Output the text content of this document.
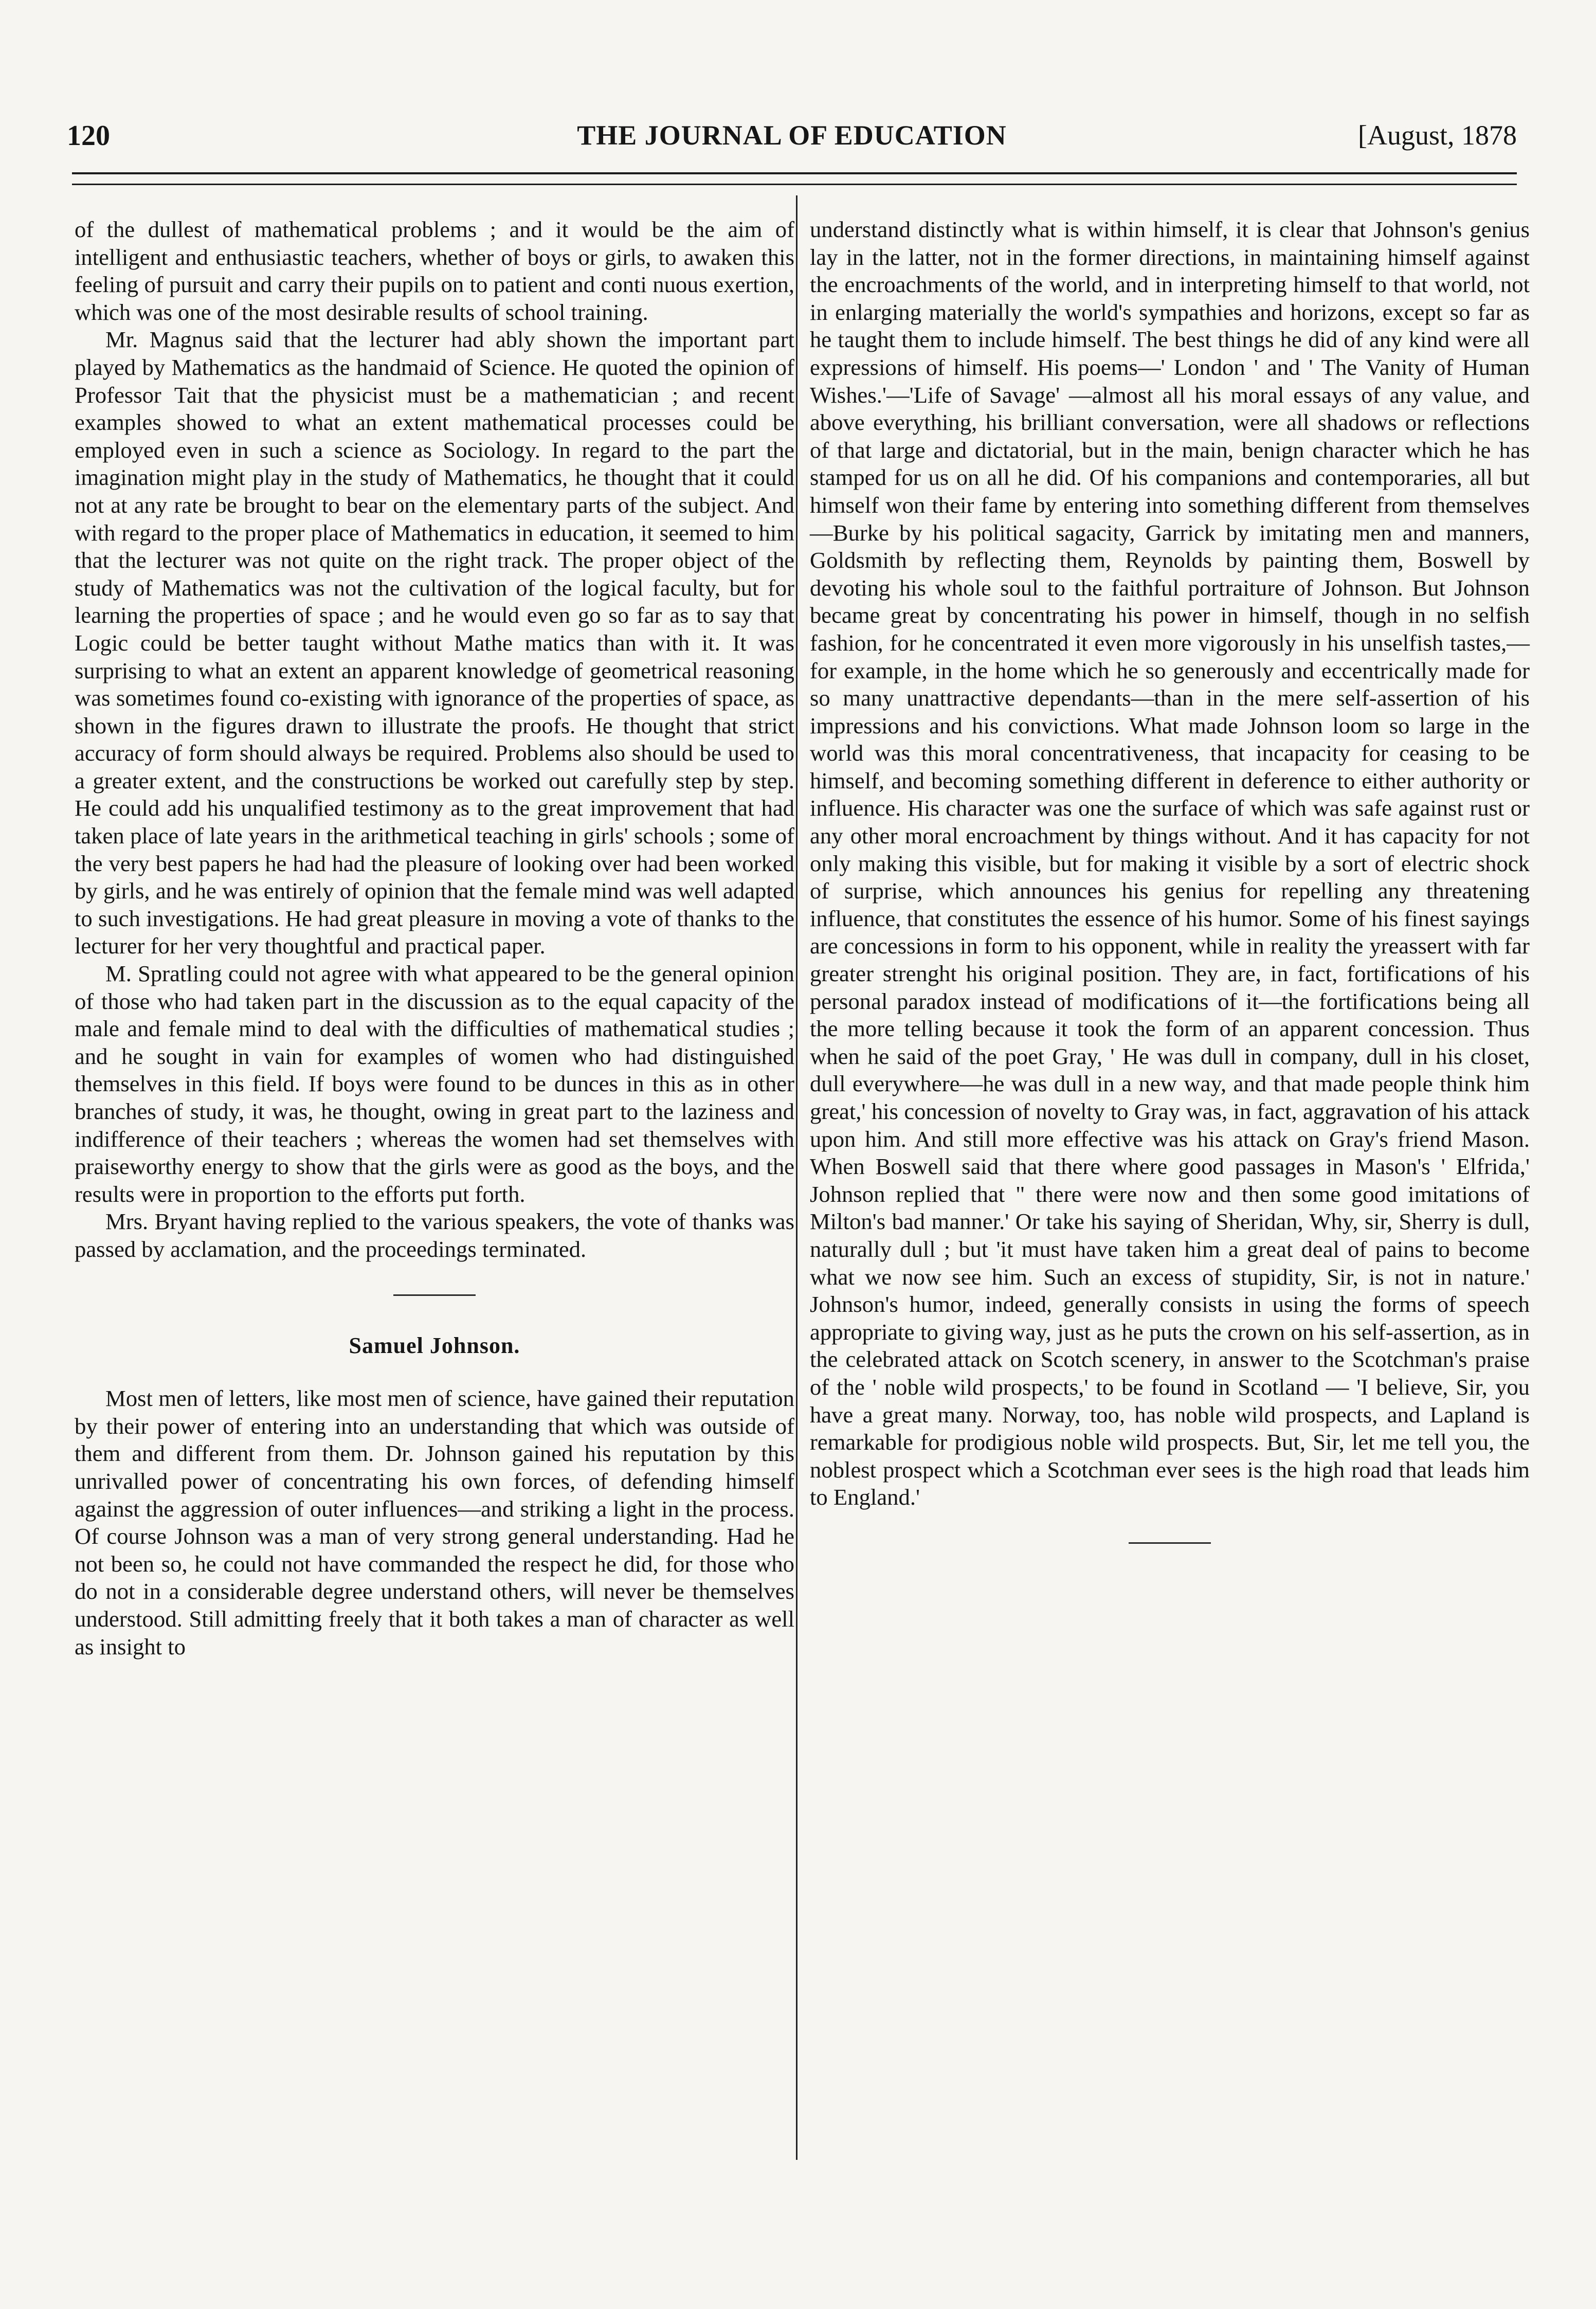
120	THE JOURNAL OF EDUCATION	[August, 1878

of the dullest of mathematical problems ; and it would be the aim of intelligent and enthusiastic teachers, whether of boys or girls, to awaken this feeling of pursuit and carry their pupils on to patient and conti nuous exertion, which was one of the most desirable results of school training.

Mr. Magnus said that the lecturer had ably shown the important part played by Mathematics as the handmaid of Science. He quoted the opinion of Professor Tait that the physicist must be a mathematician ; and recent examples showed to what an extent mathematical processes could be employed even in such a science as Sociology. In regard to the part the imagination might play in the study of Mathematics, he thought that it could not at any rate be brought to bear on the elementary parts of the subject. And with regard to the proper place of Mathematics in education, it seemed to him that the lecturer was not quite on the right track. The proper object of the study of Mathematics was not the cultivation of the logical faculty, but for learning the properties of space ; and he would even go so far as to say that Logic could be better taught without Mathe matics than with it. It was surprising to what an extent an apparent knowledge of geometrical reasoning was sometimes found co-existing with ignorance of the properties of space, as shown in the figures drawn to illustrate the proofs. He thought that strict accuracy of form should always be required. Problems also should be used to a greater extent, and the constructions be worked out carefully step by step. He could add his unqualified testimony as to the great improvement that had taken place of late years in the arithmetical teaching in girls' schools ; some of the very best papers he had had the pleasure of looking over had been worked by girls, and he was entirely of opinion that the female mind was well adapted to such investigations. He had great pleasure in moving a vote of thanks to the lecturer for her very thoughtful and practical paper.

M. Spratling could not agree with what appeared to be the general opinion of those who had taken part in the discussion as to the equal capacity of the male and female mind to deal with the difficulties of mathematical studies ; and he sought in vain for examples of women who had distinguished themselves in this field. If boys were found to be dunces in this as in other branches of study, it was, he thought, owing in great part to the laziness and indifference of their teachers ; whereas the women had set themselves with praiseworthy energy to show that the girls were as good as the boys, and the results were in proportion to the efforts put forth.

Mrs. Bryant having replied to the various speakers, the vote of thanks was passed by acclamation, and the proceedings terminated.

Samuel Johnson.

Most men of letters, like most men of science, have gained their reputation by their power of entering into an understanding that which was outside of them and different from them. Dr. Johnson gained his reputation by this unrivalled power of concentrating his own forces, of defending himself against the aggression of outer influences—and striking a light in the process. Of course Johnson was a man of very strong general understanding. Had he not been so, he could not have commanded the respect he did, for those who do not in a considerable degree understand others, will never be themselves understood. Still admitting freely that it both takes a man of character as well as insight to

understand distinctly what is within himself, it is clear that Johnson's genius lay in the latter, not in the former directions, in maintaining himself against the encroachments of the world, and in interpreting himself to that world, not in enlarging materially the world's sympathies and horizons, except so far as he taught them to include himself. The best things he did of any kind were all expressions of himself. His poems—' London ' and ' The Vanity of Human Wishes.'—'Life of Savage' —almost all his moral essays of any value, and above everything, his brilliant conversation, were all shadows or reflections of that large and dictatorial, but in the main, benign character which he has stamped for us on all he did. Of his companions and contemporaries, all but himself won their fame by entering into something different from themselves—Burke by his political sagacity, Garrick by imitating men and manners, Goldsmith by reflecting them, Reynolds by painting them, Boswell by devoting his whole soul to the faithful portraiture of Johnson. But Johnson became great by concentrating his power in himself, though in no selfish fashion, for he concentrated it even more vigorously in his unselfish tastes,—for example, in the home which he so generously and eccentrically made for so many unattractive dependants—than in the mere self-assertion of his impressions and his convictions. What made Johnson loom so large in the world was this moral concentrativeness, that incapacity for ceasing to be himself, and becoming something different in deference to either authority or influence. His character was one the surface of which was safe against rust or any other moral encroachment by things without. And it has capacity for not only making this visible, but for making it visible by a sort of electric shock of surprise, which announces his genius for repelling any threatening influence, that constitutes the essence of his humor. Some of his finest sayings are concessions in form to his opponent, while in reality the yreassert with far greater strenght his original position. They are, in fact, fortifications of his personal paradox instead of modifications of it—the fortifications being all the more telling because it took the form of an apparent concession. Thus when he said of the poet Gray, ' He was dull in company, dull in his closet, dull everywhere—he was dull in a new way, and that made people think him great,' his concession of novelty to Gray was, in fact, aggravation of his attack upon him. And still more effective was his attack on Gray's friend Mason. When Boswell said that there where good passages in Mason's ' Elfrida,' Johnson replied that " there were now and then some good imitations of Milton's bad manner.' Or take his saying of Sheridan, Why, sir, Sherry is dull, naturally dull ; but 'it must have taken him a great deal of pains to become what we now see him. Such an excess of stupidity, Sir, is not in nature.' Johnson's humor, indeed, generally consists in using the forms of speech appropriate to giving way, just as he puts the crown on his self-assertion, as in the celebrated attack on Scotch scenery, in answer to the Scotchman's praise of the ' noble wild prospects,' to be found in Scotland — 'I believe, Sir, you have a great many. Norway, too, has noble wild prospects, and Lapland is remarkable for prodigious noble wild prospects. But, Sir, let me tell you, the noblest prospect which a Scotchman ever sees is the high road that leads him to England.'
